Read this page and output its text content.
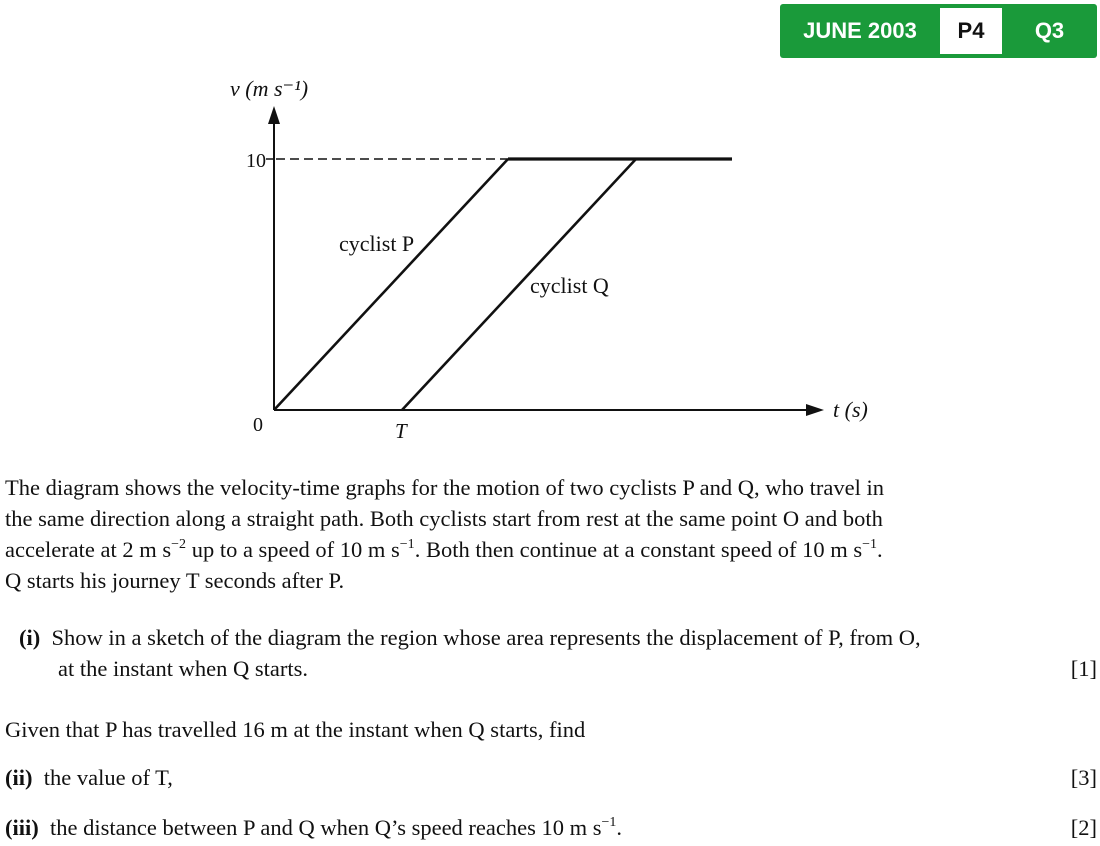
JUNE 2003	P4	Q3
v (m s⁻¹)
10
0	T
t (s)
cyclist P
cyclist Q

The diagram shows the velocity-time graphs for the motion of two cyclists P and Q, who travel in

the same direction along a straight path. Both cyclists start from rest at the same point O and both

accelerate at 2 m $s^{-2}$ up to a speed of 10 m $s^{-1}$. Both then continue at a constant speed of 10 m $s^{-1}$.

Q starts his journey T seconds after P.

(i) Show in a sketch of the diagram the region whose area represents the displacement of P, from O,
at the instant when Q starts.	[1]
Given that P has travelled 16 m at the instant when Q starts, find
(ii) the value of T,	[3]
(iii) the distance between P and Q when Q’s speed reaches 10 m $s^{-1}$.	[2]
